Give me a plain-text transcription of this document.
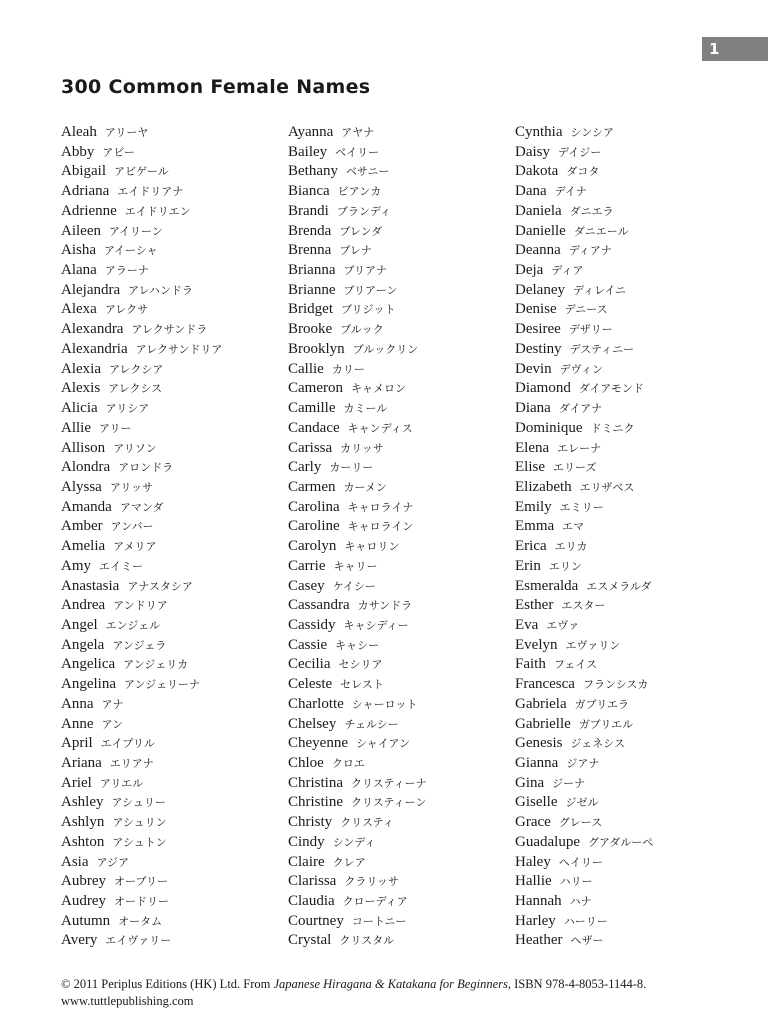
1
300 Common Female Names
Aleah アリーヤ
Abby アビー
Abigail アビゲール
Adriana エイドリアナ
Adrienne エイドリエン
Aileen アイリーン
Aisha アイーシャ
Alana アラーナ
Alejandra アレハンドラ
Alexa アレクサ
Alexandra アレクサンドラ
Alexandria アレクサンドリア
Alexia アレクシア
Alexis アレクシス
Alicia アリシア
Allie アリー
Allison アリソン
Alondra アロンドラ
Alyssa アリッサ
Amanda アマンダ
Amber アンバー
Amelia アメリア
Amy エイミー
Anastasia アナスタシア
Andrea アンドリア
Angel エンジェル
Angela アンジェラ
Angelica アンジェリカ
Angelina アンジェリーナ
Anna アナ
Anne アン
April エイプリル
Ariana エリアナ
Ariel アリエル
Ashley アシュリー
Ashlyn アシュリン
Ashton アシュトン
Asia アジア
Aubrey オーブリー
Audrey オードリー
Autumn オータム
Avery エイヴァリー
Ayanna アヤナ
Bailey ベイリー
Bethany ベサニー
Bianca ビアンカ
Brandi ブランディ
Brenda ブレンダ
Brenna ブレナ
Brianna ブリアナ
Brianne ブリアーン
Bridget ブリジット
Brooke ブルック
Brooklyn ブルックリン
Callie カリー
Cameron キャメロン
Camille カミール
Candace キャンディス
Carissa カリッサ
Carly カーリー
Carmen カーメン
Carolina キャロライナ
Caroline キャロライン
Carolyn キャロリン
Carrie キャリー
Casey ケイシー
Cassandra カサンドラ
Cassidy キャシディー
Cassie キャシー
Cecilia セシリア
Celeste セレスト
Charlotte シャーロット
Chelsey チェルシー
Cheyenne シャイアン
Chloe クロエ
Christina クリスティーナ
Christine クリスティーン
Christy クリスティ
Cindy シンディ
Claire クレア
Clarissa クラリッサ
Claudia クローディア
Courtney コートニー
Crystal クリスタル
Cynthia シンシア
Daisy デイジー
Dakota ダコタ
Dana デイナ
Daniela ダニエラ
Danielle ダニエール
Deanna ディアナ
Deja ディア
Delaney ディレイニ
Denise デニース
Desiree デザリー
Destiny デスティニー
Devin デヴィン
Diamond ダイアモンド
Diana ダイアナ
Dominique ドミニク
Elena エレーナ
Elise エリーズ
Elizabeth エリザベス
Emily エミリー
Emma エマ
Erica エリカ
Erin エリン
Esmeralda エスメラルダ
Esther エスター
Eva エヴァ
Evelyn エヴァリン
Faith フェイス
Francesca フランシスカ
Gabriela ガブリエラ
Gabrielle ガブリエル
Genesis ジェネシス
Gianna ジアナ
Gina ジーナ
Giselle ジゼル
Grace グレース
Guadalupe グアダルーペ
Haley ヘイリー
Hallie ハリー
Hannah ハナ
Harley ハーリー
Heather ヘザー
© 2011 Periplus Editions (HK) Ltd. From Japanese Hiragana & Katakana for Beginners, ISBN 978-4-8053-1144-8.
www.tuttlepublishing.com
